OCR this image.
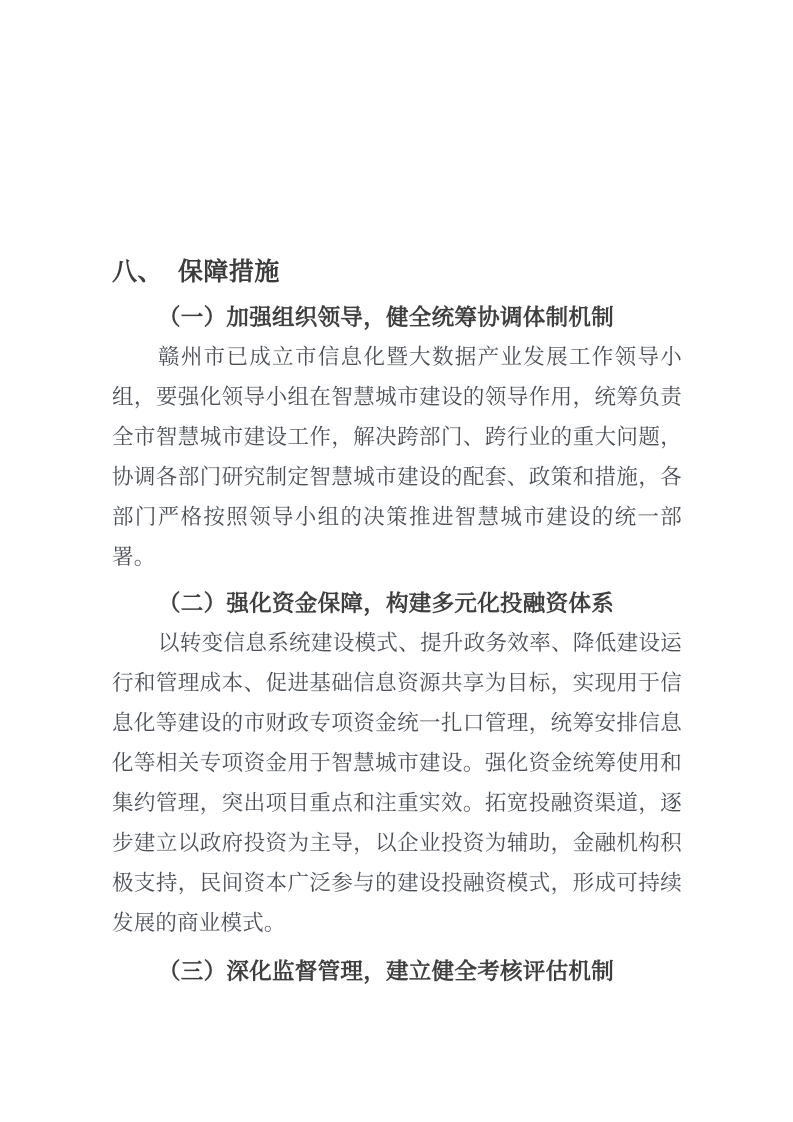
八、  保障措施
（一）加强组织领导，健全统筹协调体制机制

赣州市已成立市信息化暨大数据产业发展工作领导小组，要强化领导小组在智慧城市建设的领导作用，统筹负责全市智慧城市建设工作，解决跨部门、跨行业的重大问题，协调各部门研究制定智慧城市建设的配套、政策和措施，各部门严格按照领导小组的决策推进智慧城市建设的统一部署。

（二）强化资金保障，构建多元化投融资体系

以转变信息系统建设模式、提升政务效率、降低建设运行和管理成本、促进基础信息资源共享为目标，实现用于信息化等建设的市财政专项资金统一扎口管理，统筹安排信息化等相关专项资金用于智慧城市建设。强化资金统筹使用和集约管理，突出项目重点和注重实效。拓宽投融资渠道，逐步建立以政府投资为主导，以企业投资为辅助，金融机构积极支持，民间资本广泛参与的建设投融资模式，形成可持续发展的商业模式。

（三）深化监督管理，建立健全考核评估机制
